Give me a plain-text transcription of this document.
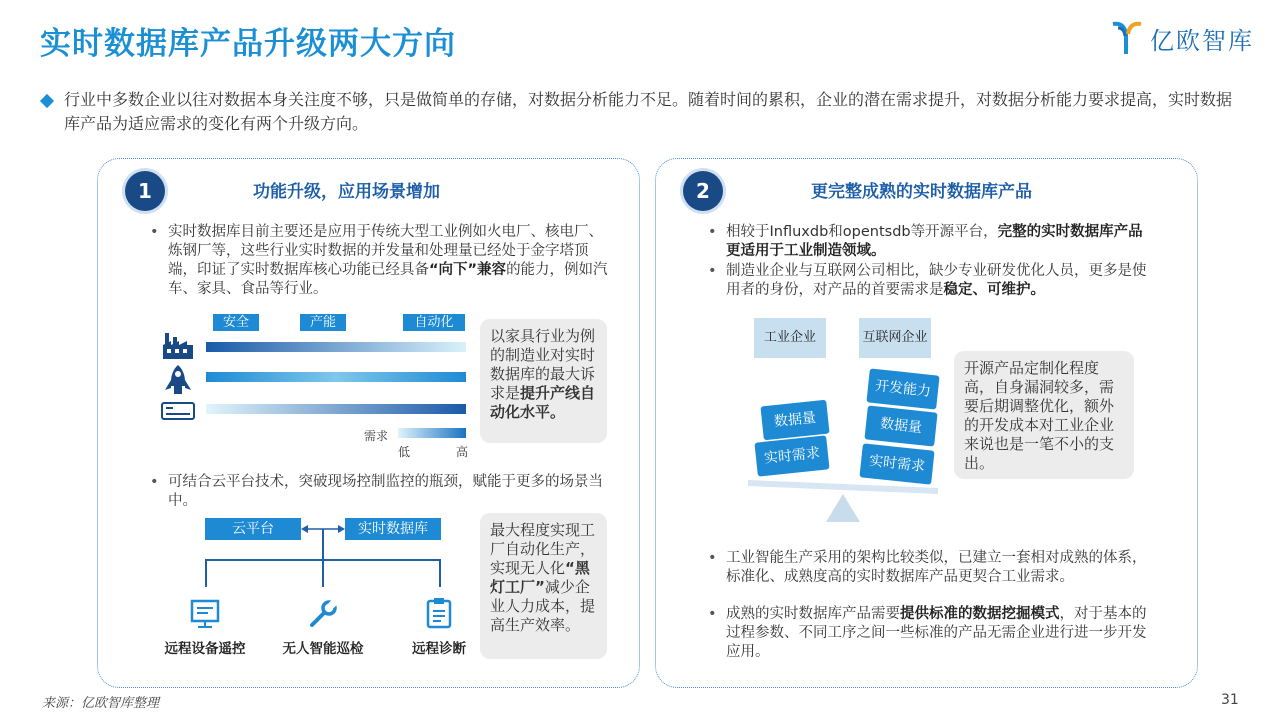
实时数据库产品升级两大方向	亿欧智库

行业中多数企业以往对数据本身关注度不够，只是做简单的存储，对数据分析能力不足。随着时间的累积，企业的潜在需求提升，对数据分析能力要求提高，实时数据库产品为适应需求的变化有两个升级方向。

1	功能升级，应用场景增加
• 实时数据库目前主要还是应用于传统大型工业例如火电厂、核电厂、炼钢厂等，这些行业实时数据的并发量和处理量已经处于金字塔顶端，印证了实时数据库核心功能已经具备“向下”兼容的能力，例如汽车、家具、食品等行业。

安全	产能	自动化
需求
低	高
以家具行业为例的制造业对实时数据库的最大诉求是提升产线自动化水平。
• 可结合云平台技术，突破现场控制监控的瓶颈，赋能于更多的场景当中。

云平台	实时数据库
远程设备遥控	无人智能巡检	远程诊断
最大程度实现工厂自动化生产，实现无人化“黑灯工厂”减少企业人力成本，提高生产效率。
2	更完整成熟的实时数据库产品
• 相较于Influxdb和opentsdb等开源平台，完整的实时数据库产品更适用于工业制造领域。

• 制造业企业与互联网公司相比，缺少专业研发优化人员，更多是使用者的身份，对产品的首要需求是稳定、可维护。

工业企业	互联网企业
数据量
实时需求
开发能力
数据量
实时需求
开源产品定制化程度高，自身漏洞较多，需要后期调整优化，额外的开发成本对工业企业来说也是一笔不小的支出。
• 工业智能生产采用的架构比较类似，已建立一套相对成熟的体系，标准化、成熟度高的实时数据库产品更契合工业需求。

• 成熟的实时数据库产品需要提供标准的数据挖掘模式，对于基本的过程参数、不同工序之间一些标准的产品无需企业进行进一步开发应用。

来源：亿欧智库整理	31
